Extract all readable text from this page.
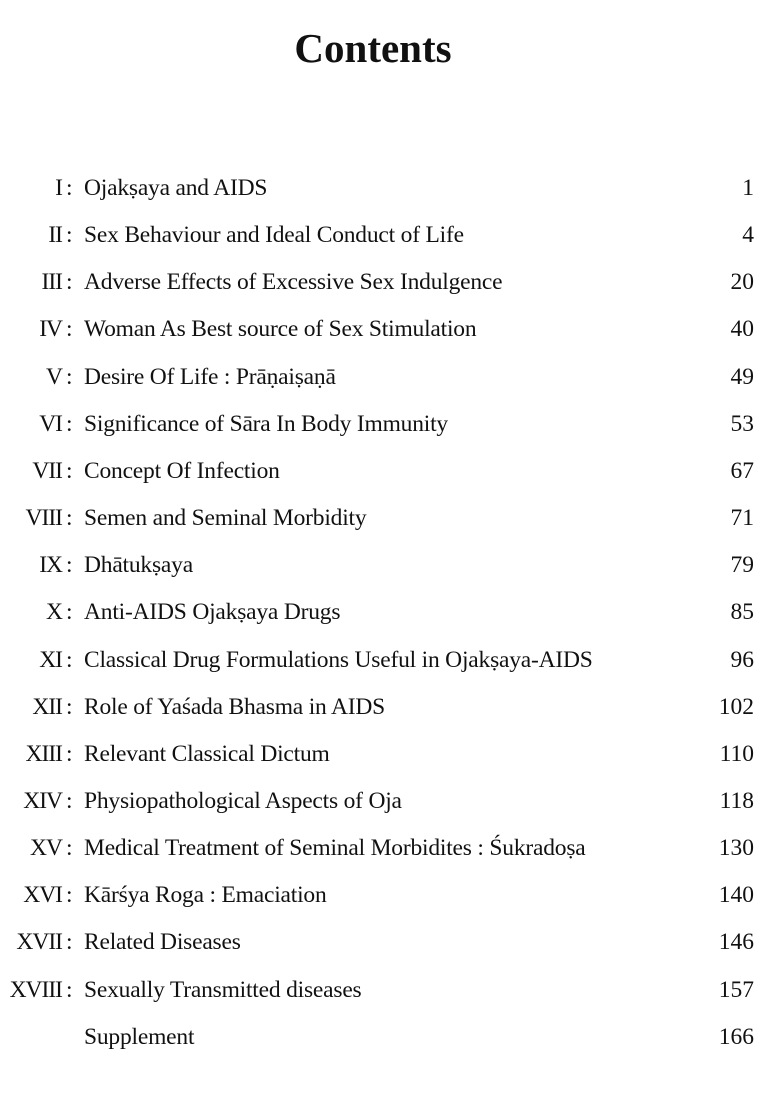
Contents
I : Ojakṣaya and AIDS	1
II : Sex Behaviour and Ideal Conduct of Life	4
III : Adverse Effects of Excessive Sex Indulgence	20
IV : Woman As Best source of Sex Stimulation	40
V : Desire Of Life : Prāṇaiṣaṇā	49
VI : Significance of Sāra In Body Immunity	53
VII : Concept Of Infection	67
VIII : Semen and Seminal Morbidity	71
IX : Dhātukṣaya	79
X : Anti-AIDS Ojakṣaya Drugs	85
XI : Classical Drug Formulations Useful in Ojakṣaya-AIDS	96
XII : Role of Yaśada Bhasma in AIDS	102
XIII : Relevant Classical Dictum	110
XIV : Physiopathological Aspects of Oja	118
XV : Medical Treatment of Seminal Morbidites : Śukradoṣa	130
XVI : Kārśya Roga : Emaciation	140
XVII : Related Diseases	146
XVIII : Sexually Transmitted diseases	157
Supplement	166
